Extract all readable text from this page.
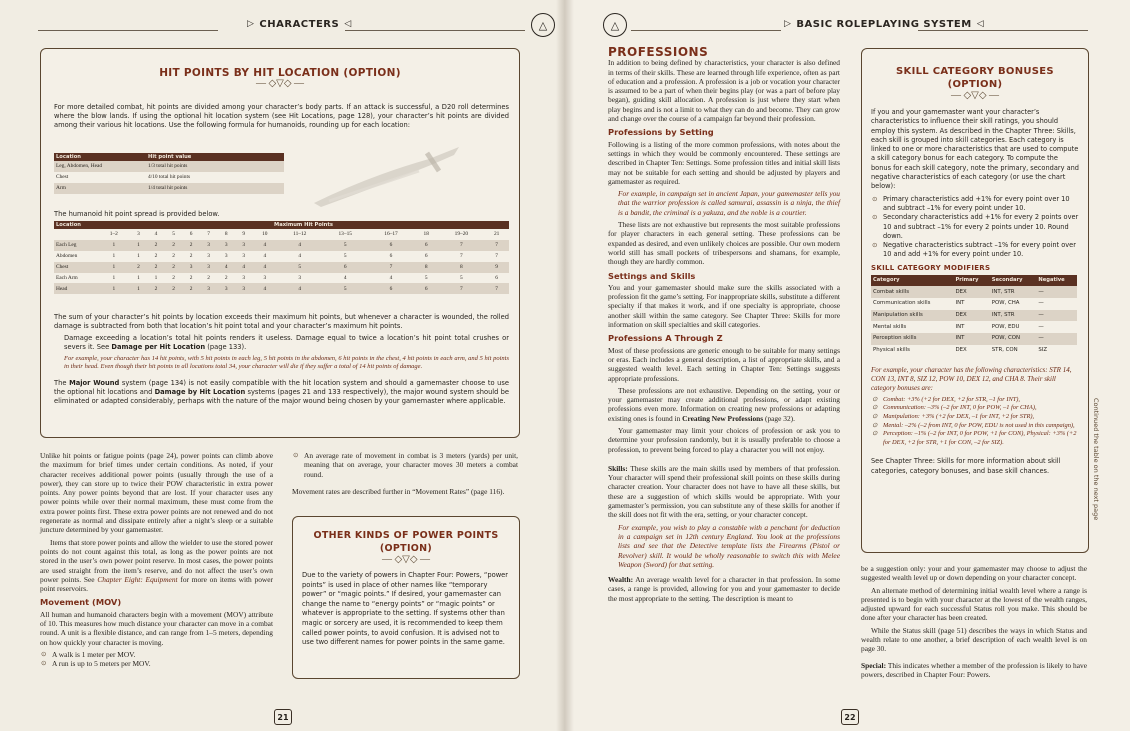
▷ CHARACTERS ◁	△
HIT POINTS BY HIT LOCATION (OPTION)
— ◇▽◇ —
For more detailed combat, hit points are divided among your character’s body parts. If an attack is successful, a D20 roll determines where the blow lands. If using the optional hit location system (see Hit Locations, page 128), your character’s hit points are divided among their various hit locations. Use the following formula for humanoids, rounding up for each location:
Location	Hit point value
Leg, Abdomen, Head	1/3 total hit points
Chest	4/10 total hit points
Arm	1/4 total hit points
The humanoid hit point spread is provided below.
Location	Maximum Hit Points														
	1–2	3	4	5	6	7	8	9	10	11–12	13–15	16–17	18	19–20	21
Each Leg	1	1	2	2	2	3	3	3	4	4	5	6	6	7	7
Abdomen	1	1	2	2	2	3	3	3	4	4	5	6	6	7	7
Chest	1	2	2	2	3	3	4	4	4	5	6	7	8	8	9
Each Arm	1	1	1	2	2	2	2	3	3	3	4	4	5	5	6
Head	1	1	2	2	2	3	3	3	4	4	5	6	6	7	7

The sum of your character’s hit points by location exceeds their maximum hit points, but whenever a character is wounded, the rolled damage is subtracted from both that location’s hit point total and your character’s maximum hit points.

Damage exceeding a location’s total hit points renders it useless. Damage equal to twice a location’s hit point total crushes or severs it. See Damage per Hit Location (page 133).

For example, your character has 14 hit points, with 5 hit points in each leg, 5 hit points in the abdomen, 6 hit points in the chest, 4 hit points in each arm, and 5 hit points in their head. Even though their hit points in all locations total 34, your character will die if they suffer a total of 14 hit points of damage.

The Major Wound system (page 134) is not easily compatible with the hit location system and should a gamemaster choose to use the optional hit locations and Damage by Hit Location systems (pages 21 and 133 respectively), the major wound system should be eliminated or adapted considerably, perhaps with the nature of the major wound being chosen by your gamemaster where applicable.

Unlike hit points or fatigue points (page 24), power points can climb above the maximum for brief times under certain conditions. As noted, if your character receives additional power points (usually through the use of a power), they can store up to twice their POW characteristic in extra power points. Any power points beyond that are lost. If your character uses any power points while over their normal maximum, these must come from the extra power points first. These extra power points are not renewed and do not regenerate as normal and dissipate entirely after a night’s sleep or a suitable juncture determined by your gamemaster.

Items that store power points and allow the wielder to use the stored power points do not count against this total, as long as the power points are not stored in the user’s own power point reserve. In most cases, the power points are used straight from the item’s reserve, and do not affect the user’s own power points. See Chapter Eight: Equipment for more on items with power point reservoirs.

Movement (MOV)

All human and humanoid characters begin with a movement (MOV) attribute of 10. This measures how much distance your character can move in a combat round. A unit is a flexible distance, and can range from 1–5 meters, depending on how quickly your character is moving.

⊙ A walk is 1 meter per MOV.
⊙ A run is up to 5 meters per MOV.
⊙ An average rate of movement in combat is 3 meters (yards) per unit, meaning that on average, your character moves 30 meters a combat round.

Movement rates are described further in “Movement Rates” (page 116).

OTHER KINDS OF POWER POINTS (OPTION)
— ◇▽◇ —
Due to the variety of powers in Chapter Four: Powers, “power points” is used in place of other names like “temporary power” or “magic points.” If desired, your gamemaster can change the name to “energy points” or “magic points” or whatever is appropriate to the setting. If systems other than magic or sorcery are used, it is recommended to keep them called power points, to avoid confusion. It is advised not to use two different names for power points in the same game.
21
△	▷ BASIC ROLEPLAYING SYSTEM ◁
PROFESSIONS

In addition to being defined by characteristics, your character is also defined in terms of their skills. These are learned through life experience, often as part of education and a profession. A profession is a job or vocation your character is assumed to be a part of when their begins play (or was a part of before play began), guiding skill allocation. A profession is just where they start when play begins and is not a limit to what they can do and become. They can grow and change over the course of a campaign far beyond their profession.

Professions by Setting

Following is a listing of the more common professions, with notes about the settings in which they would be commonly encountered. These settings are described in Chapter Ten: Settings. Some profession titles and initial skill lists may not be suitable for each setting and should be adjusted by players and gamemaster as required.

For example, in campaign set in ancient Japan, your gamemaster tells you that the warrior profession is called samurai, assassin is a ninja, the thief is a bandit, the criminal is a yakuza, and the noble is a courtier.

These lists are not exhaustive but represents the most suitable professions for player characters in each general setting. These professions can be expanded as desired, and even unlikely choices are possible. Our own modern world still has small pockets of tribespersons and shamans, for example, though they are hardly common.

Settings and Skills

You and your gamemaster should make sure the skills associated with a profession fit the game’s setting. For inappropriate skills, substitute a different specialty if that makes it work, and if one specialty is appropriate, choose another skill within the same category. See Chapter Three: Skills for more information on skill specialties and skill categories.

Professions A Through Z

Most of these professions are generic enough to be suitable for many settings or eras. Each includes a general description, a list of appropriate skills, and a suggested wealth level. Each setting in Chapter Ten: Settings suggests appropriate professions.

These professions are not exhaustive. Depending on the setting, your or your gamemaster may create additional professions, or adapt existing professions even more. Information on creating new professions or adapting existing ones is found in Creating New Professions (page 32).

Your gamemaster may limit your choices of profession or ask you to determine your profession randomly, but it is usually preferable to choose a profession, to prevent being forced to play a character you will not enjoy.

Skills: These skills are the main skills used by members of that profession. Your character will spend their professional skill points on these skills during character creation. Your character does not have to have all these skills, but these are a suggestion of which skills would be appropriate. With your gamemaster’s permission, you can substitute any of these skills for another if the skill does not fit with the era, setting, or your character concept.

For example, you wish to play a constable with a penchant for deduction in a campaign set in 12th century England. You look at the professions lists and see that the Detective template lists the Firearms (Pistol or Revolver) skill. It would be wholly reasonable to switch this with Melee Weapon (Sword) for that setting.

Wealth: An average wealth level for a character in that profession. In some cases, a range is provided, allowing for you and your gamemaster to decide the most appropriate to the setting. The description is meant to

SKILL CATEGORY BONUSES (OPTION)
— ◇▽◇ —

If you and your gamemaster want your character’s characteristics to influence their skill ratings, you should employ this system. As described in the Chapter Three: Skills, each skill is grouped into skill categories. Each category is linked to one or more characteristics that are used to compute a skill category bonus for each category. To compute the bonus for each skill category, note the primary, secondary and negative characteristics of each category (or use the chart below):

⊙ Primary characteristics add +1% for every point over 10 and subtract –1% for every point under 10.
⊙ Secondary characteristics add +1% for every 2 points over 10 and subtract –1% for every 2 points under 10. Round down.
⊙ Negative characteristics subtract –1% for every point over 10 and add +1% for every point under 10.
SKILL CATEGORY MODIFIERS
Category	Primary	Secondary	Negative
Combat skills	DEX	INT, STR	—
Communication skills	INT	POW, CHA	—
Manipulation skills	DEX	INT, STR	—
Mental skills	INT	POW, EDU	—
Perception skills	INT	POW, CON	—
Physical skills	DEX	STR, CON	SIZ

For example, your character has the following characteristics: STR 14, CON 13, INT 8, SIZ 12, POW 10, DEX 12, and CHA 8. Their skill category bonuses are:

⊙ Combat: +3% (+2 for DEX, +2 for STR, –1 for INT),
⊙ Communication: –3% (–2 for INT, 0 for POW, –1 for CHA),
⊙ Manipulation: +3% (+2 for DEX, –1 for INT, +2 for STR),
⊙ Mental: –2% (–2 from INT, 0 for POW, EDU is not used in this campaign),
⊙ Perception: –1% (–2 for INT, 0 for POW, +1 for CON), Physical: +3% (+2 for DEX, +2 for STR, +1 for CON, –2 for SIZ).

See Chapter Three: Skills for more information about skill categories, category bonuses, and base skill chances.	Continued the table on the next page

be a suggestion only: your and your gamemaster may choose to adjust the suggested wealth level up or down depending on your character concept.

An alternate method of determining initial wealth level where a range is presented is to begin with your character at the lowest of the wealth ranges, adjusted upward for each successful Status roll you make. This should be done after your character has been created.

While the Status skill (page 51) describes the ways in which Status and wealth relate to one another, a brief description of each wealth level is on page 30.

Special: This indicates whether a member of the profession is likely to have powers, described in Chapter Four: Powers.

22
